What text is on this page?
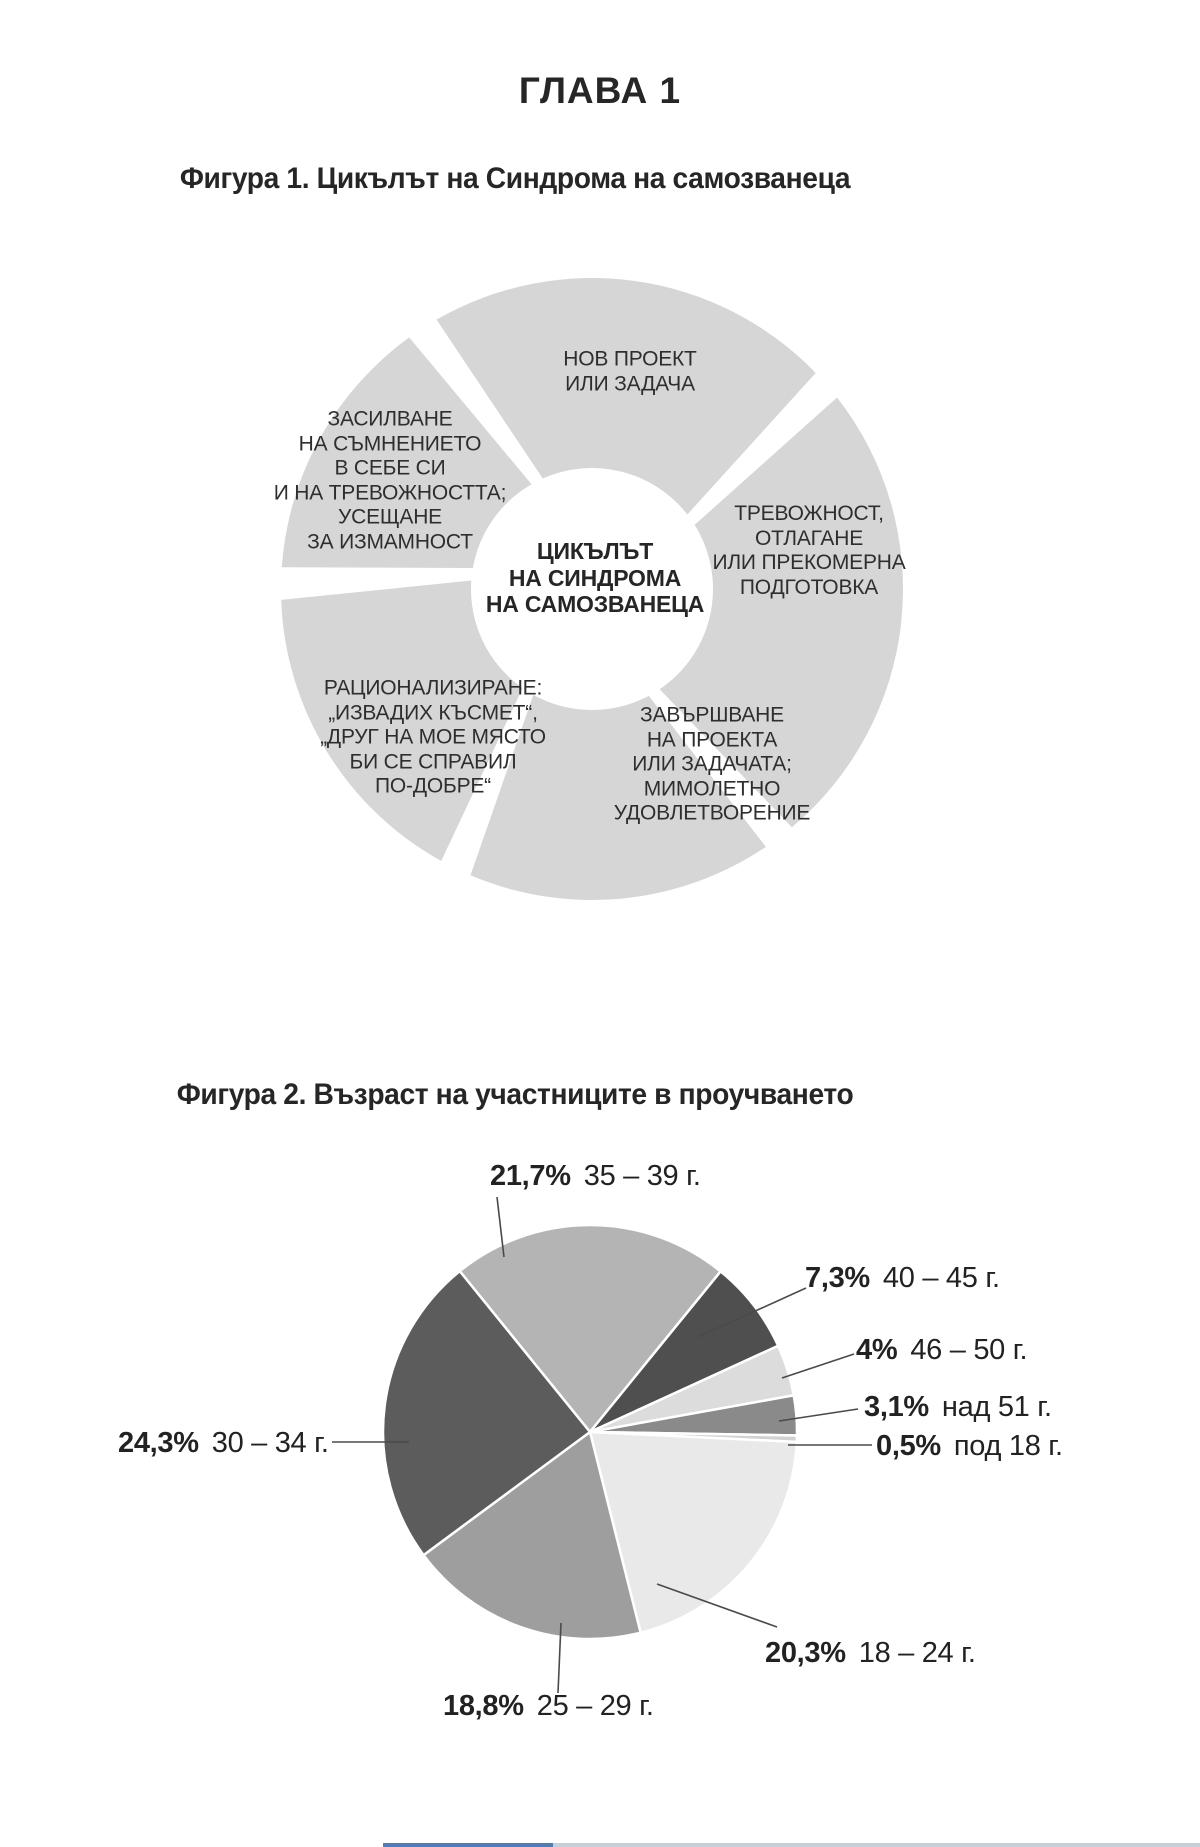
ГЛАВА 1
Фигура 1. Цикълът на Синдрома на самозванеца
НОВ ПРОЕКТ
ИЛИ ЗАДАЧА
ТРЕВОЖНОСТ,
ОТЛАГАНЕ
ИЛИ ПРЕКОМЕРНА
ПОДГОТОВКА
ЗАВЪРШВАНЕ
НА ПРОЕКТА
ИЛИ ЗАДАЧАТА;
МИМОЛЕТНО
УДОВЛЕТВОРЕНИЕ
РАЦИОНАЛИЗИРАНЕ:
„ИЗВАДИХ КЪСМЕТ“,
„ДРУГ НА МОЕ МЯСТО
БИ СЕ СПРАВИЛ
ПО-ДОБРЕ“
ЗАСИЛВАНЕ
НА СЪМНЕНИЕТО
В СЕБЕ СИ
И НА ТРЕВОЖНОСТТА;
УСЕЩАНЕ
ЗА ИЗМАМНОСТ	ЦИКЪЛЪТ
НА СИНДРОМА
НА САМОЗВАНЕЦА
Фигура 2. Възраст на участниците в проучването
21,7% 35 – 39 г.
7,3% 40 – 45 г.
4% 46 – 50 г.
3,1% над 51 г.
0,5% под 18 г.
20,3% 18 – 24 г.
18,8% 25 – 29 г.
24,3% 30 – 34 г.
